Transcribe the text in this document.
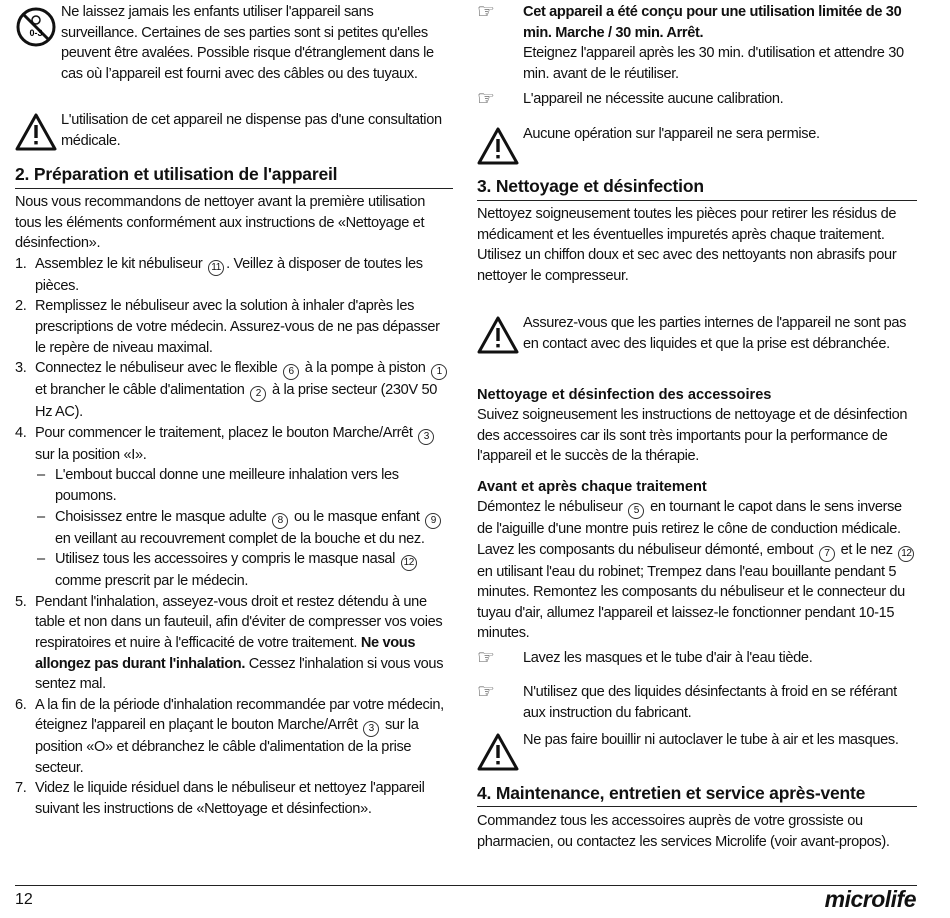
0-3

Ne laissez jamais les enfants utiliser l'appareil sans surveillance. Certaines de ses parties sont si petites qu'elles peuvent être avalées. Possible risque d'étranglement dans le cas où l’appareil est fourni avec des câbles ou des tuyaux.

L'utilisation de cet appareil ne dispense pas d'une consultation médicale.

2. Préparation et utilisation de l'appareil

Nous vous recommandons de nettoyer avant la première utilisation tous les éléments conformément aux instructions de «Nettoyage et désinfection».

1. Assemblez le kit nébuliseur 11 . Veillez à disposer de toutes les pièces.
2. Remplissez le nébuliseur avec la solution à inhaler d'après les prescriptions de votre médecin. Assurez-vous de ne pas dépasser le repère de niveau maximal.
3. Connectez le nébuliseur avec le flexible 6 à la pompe à piston 1 et brancher le câble d'alimentation 2 à la prise secteur (230V 50 Hz AC).
4. Pour commencer le traitement, placez le bouton Marche/Arrêt 3 sur la position «I».
– L'embout buccal donne une meilleure inhalation vers les poumons.
– Choisissez entre le masque adulte 8 ou le masque enfant 9 en veillant au recouvrement complet de la bouche et du nez.
– Utilisez tous les accessoires y compris le masque nasal 12 comme prescrit par le médecin.
5. Pendant l'inhalation, asseyez-vous droit et restez détendu à une table et non dans un fauteuil, afin d'éviter de compresser vos voies respiratoires et nuire à l'efficacité de votre traitement. Ne vous allongez pas durant l'inhalation. Cessez l'inhalation si vous vous sentez mal.
6. A la fin de la période d'inhalation recommandée par votre médecin, éteignez l'appareil en plaçant le bouton Marche/Arrêt 3 sur la position «O» et débranchez le câble d'alimentation de la prise secteur.
7. Videz le liquide résiduel dans le nébuliseur et nettoyez l'appareil suivant les instructions de «Nettoyage et désinfection».
☞ Cet appareil a été conçu pour une utilisation limitée de 30 min. Marche / 30 min. Arrêt.

Eteignez l'appareil après les 30 min. d'utilisation et attendre 30 min. avant de le réutiliser.

☞ L'appareil ne nécessite aucune calibration.

Aucune opération sur l'appareil ne sera permise.

3. Nettoyage et désinfection

Nettoyez soigneusement toutes les pièces pour retirer les résidus de médicament et les éventuelles impuretés après chaque traitement.

Utilisez un chiffon doux et sec avec des nettoyants non abrasifs pour nettoyer le compresseur.

Assurez-vous que les parties internes de l'appareil ne sont pas en contact avec des liquides et que la prise est débranchée.

Nettoyage et désinfection des accessoires

Suivez soigneusement les instructions de nettoyage et de désinfection des accessoires car ils sont très importants pour la performance de l'appareil et le succès de la thérapie.

Avant et après chaque traitement

Démontez le nébuliseur 5 en tournant le capot dans le sens inverse de l'aiguille d'une montre puis retirez le cône de conduction médicale. Lavez les composants du nébuliseur démonté, embout 7 et le nez 12 en utilisant l'eau du robinet; Trempez dans l'eau bouillante pendant 5 minutes. Remontez les composants du nébuliseur et le connecteur du tuyau d'air, allumez l'appareil et laissez-le fonctionner pendant 10-15 minutes.

☞ Lavez les masques et le tube d'air à l'eau tiède.

☞ N'utilisez que des liquides désinfectants à froid en se référant aux instruction du fabricant.

Ne pas faire bouillir ni autoclaver le tube à air et les masques.

4. Maintenance, entretien et service après-vente

Commandez tous les accessoires auprès de votre grossiste ou pharmacien, ou contactez les services Microlife (voir avant-propos).

12	microlife
